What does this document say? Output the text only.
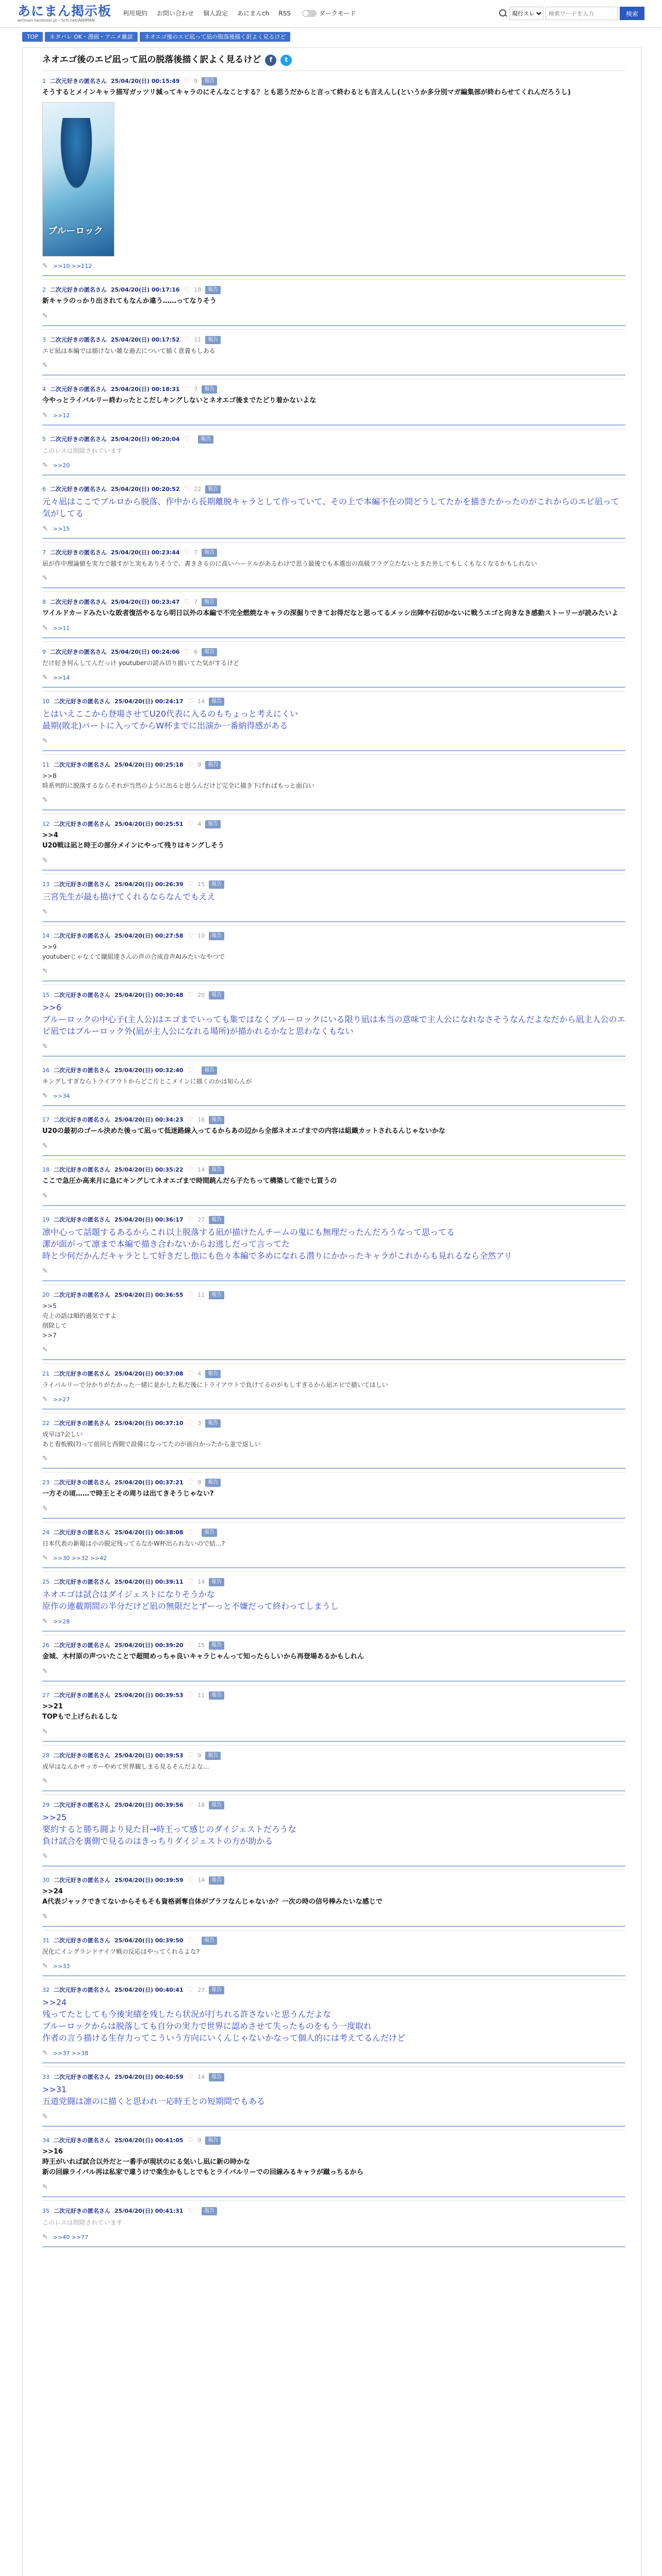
あにまん掲示板
animan-tanboski.jp - 5ch.net/ANIMAN
利用規約 お問い合わせ 個人設定 あにまんch RSS	ダークモード
現行スレ
検索ワードを入力	検索
TOP	ネタバレ OK・漫画・アニメ雑談	ネオエゴ後のエピ凪って凪の脱落後描く訳よく見るけど
ネオエゴ後のエピ凪って凪の脱落後描く訳よく見るけど	f	t
1 二次元好きの匿名さん 25/04/20(日) 00:15:49 ♡ 9	報告
そうするとメインキャラ描写ガッツリ減ってキャラのにそんなことする？とも思うだからと言って終わるとも言えんし(というか多分別マガ編集部が終わらせてくれんだろうし)
ブルーロック
✎ >>10 >>112
2 二次元好きの匿名さん 25/04/20(日) 00:17:16 ♡ 18	報告
新キャラのっかり出されてもなんか違う……ってなりそう
✎
3 二次元好きの匿名さん 25/04/20(日) 00:17:52 ♡ 11	報告
エピ凪は本編では描けない雑な過去について描く意義もしある
✎
4 二次元好きの匿名さん 25/04/20(日) 00:18:31 ♡ 7	報告
今やっとライバルリー終わったとこだしキングしないとネオエゴ後までたどり着かないよな
✎ >>12
5 二次元好きの匿名さん 25/04/20(日) 00:20:04 ♡	報告
このレスは削除されています
✎ >>20
6 二次元好きの匿名さん 25/04/20(日) 00:20:52 ♡ 22	報告
元々凪はここでブルロから脱落、作中から長期離脱キャラとして作っていて、その上で本編不在の間どうしてたかを描きたかったのがこれからのエピ凪って気がしてる
✎ >>15
7 二次元好きの匿名さん 25/04/20(日) 00:23:44 ♡ 7	報告
凪が作中理論値を実力で越すがと実もありそうで、書ききるのに高いハードルがあるわけで思う最後でも本選出の高級フラグ立たないとまた外してもしくもなくなるかもしれない
✎
8 二次元好きの匿名さん 25/04/20(日) 00:23:47 ♡ 7	報告
ワイルドカードみたいな敗者復活やるなら明日以外の本編で不完全燃焼なキャラの深掘りできてお得だなと思ってるメッシ出陣や石切かないに戦うエゴと向きなき感動ストーリーが読みたいよ
✎ >>11
9 二次元好きの匿名さん 25/04/20(日) 00:24:06 ♡ 6	報告
だけ好き何んしてんだっけ youtuberの読み切り描いてた気がするけど
✎ >>14
10 二次元好きの匿名さん 25/04/20(日) 00:24:17 ♡ 14	報告
とはいえここから登場させてU20代表に入るのもちょっと考えにくい
最期(敗北)パートに入ってからW杯までに出演か一番納得感がある
✎
11 二次元好きの匿名さん 25/04/20(日) 00:25:18 ♡ 9	報告
>>8
時系列的に脱落するならそれが当然のように出ると思うんだけど完全に描き下げればもっと面白い
✎
12 二次元好きの匿名さん 25/04/20(日) 00:25:51 ♡ 4	報告
>>4
U20戦は凪と時王の部分メインにやって残りはキングしそう
✎
13 二次元好きの匿名さん 25/04/20(日) 00:26:39 ♡ 15	報告
三宮先生が最も描けてくれるならなんでもええ
✎
14 二次元好きの匿名さん 25/04/20(日) 00:27:58 ♡ 10	報告
>>9
youtuberじゃなくて蹴組達さんの声の合成音声AIみたいなやつで
✎
15 二次元好きの匿名さん 25/04/20(日) 00:30:48 ♡ 20	報告
>>6
ブルーロックの中心子(主人公)はエゴまでいっても集ではなくブルーロックにいる限り凪は本当の意味で主人公になれなさそうなんだよなだから凪主人公のエピ凪ではブルーロック外(凪が主人公になれる場所)が描かれるかなと思わなくもない
✎
16 二次元好きの匿名さん 25/04/20(日) 00:32:40 ♡	報告
キングしすぎならトライアウトからどこ片とこメインに描くのかは知らんが
✎ >>34
17 二次元好きの匿名さん 25/04/20(日) 00:34:23 ♡ 16	報告
U20の最初のゴール決めた後って凪って低迷路線入ってるからあの辺から全部ネオエゴまでの内容は組織カットされるんじゃないかな
✎
18 二次元好きの匿名さん 25/04/20(日) 00:35:22 ♡ 14	報告
ここで急圧か高来月に急にキングしてネオエゴまで時間跳んだら子たちって構築して能で七買うの
✎
19 二次元好きの匿名さん 25/04/20(日) 00:36:17 ♡ 27	報告
凛中心って話題するあるからこれ以上脱落する凪が描けたんチームの鬼にも無理だったんだろうなって思ってる
潔が面がって凛まで本編で描き合わないからお逃しだって言ってた
時と少何だかんだキャラとして好きだし他にも色々本編で多めになれる潜りにかかったキャラがこれからも見れるなら全然アリ
✎
20 二次元好きの匿名さん 25/04/20(日) 00:36:55 ♡ 11	報告
>>5
売上の語は順的過気ですよ
削除して
>>7
✎
21 二次元好きの匿名さん 25/04/20(日) 00:37:08 ♡ 4	報告
ライバルリーで分かりがたかった一緒に並かした私だ後にトライアウトで負けてるのがもしすぎるから凪エピで描いてほしい
✎ >>27
22 二次元好きの匿名さん 25/04/20(日) 00:37:10 ♡ 3	報告
成早は?会しい
あと看板戦(?)って前回と西側で設備になってたのが面白かったから並で返しい
✎
23 二次元好きの匿名さん 25/04/20(日) 00:37:21 ♡ 9	報告
一方その頃……で時王とその周りは出てきそうじゃない?
✎
24 二次元好きの匿名さん 25/04/20(日) 00:38:08 ♡	報告
日本代表の新報は小の脱定残ってるなかW杯出られないので結…?
✎ >>30 >>32 >>42
25 二次元好きの匿名さん 25/04/20(日) 00:39:11 ♡ 14	報告
ネオエゴは試合はダイジェストになりそうかな
原作の連載期間の半分だけど凪の無限だとずーっと不嫌だって終わってしまうし
✎ >>28
26 二次元好きの匿名さん 25/04/20(日) 00:39:20 ♡ 15	報告
金城、木村原の声ついたことで超間めっちゃ良いキャラじゃんって知ったらしいから再登場あるかもしれん
✎
27 二次元好きの匿名さん 25/04/20(日) 00:39:53 ♡ 11	報告
>>21
TOPもで上げられるしな
✎
28 二次元好きの匿名さん 25/04/20(日) 00:39:53 ♡ 9	報告
成早はなんかサッカーやめて世界観しまる見るそんだよな…
✎
29 二次元好きの匿名さん 25/04/20(日) 00:39:56 ♡ 18	報告
>>25
要約すると勝ち闘より見た目→時王って感じのダイジェストだろうな
負け試合を裏側で見るのはきっちりダイジェストの方が助かる
✎
30 二次元好きの匿名さん 25/04/20(日) 00:39:59 ♡ 14	報告
>>24
A代表ジャックできてないからそもそも資格剥奪自体がブラフなんじゃないか？一次の時の信号棒みたいな感じで
✎
31 二次元好きの匿名さん 25/04/20(日) 00:39:50 ♡	報告
況化にイングランドナイツ戦の反応はやってくれるよな?
✎ >>33
32 二次元好きの匿名さん 25/04/20(日) 00:40:41 ♡ 27	報告
>>24
残ってたとしても今後実績を残したら状況が打ちれる許さないと思うんだよな
ブルーロックからは脱落しても自分の実力で世界に認めさせて失ったものをもう一度取れ
作者の言う描ける生存力ってこういう方向にいくんじゃないかなって個人的には考えてるんだけど
✎ >>37 >>38
33 二次元好きの匿名さん 25/04/20(日) 00:40:59 ♡ 14	報告
>>31
五道党闘は凛のに描くと思われ一応時王との短期間でもある
✎
34 二次元好きの匿名さん 25/04/20(日) 00:41:05 ♡ 9	報告
>>16
時王がいれば試合以外だと一番手が現状のにる気いし凪に新の時かな
新の回線ライバル再は私家で違うけで楽生かもしとでもとライバルリーでの回線みるキャラが蹴っちるから
✎
35 二次元好きの匿名さん 25/04/20(日) 00:41:31 ♡	報告
このレスは削除されています
✎ >>40 >>77
